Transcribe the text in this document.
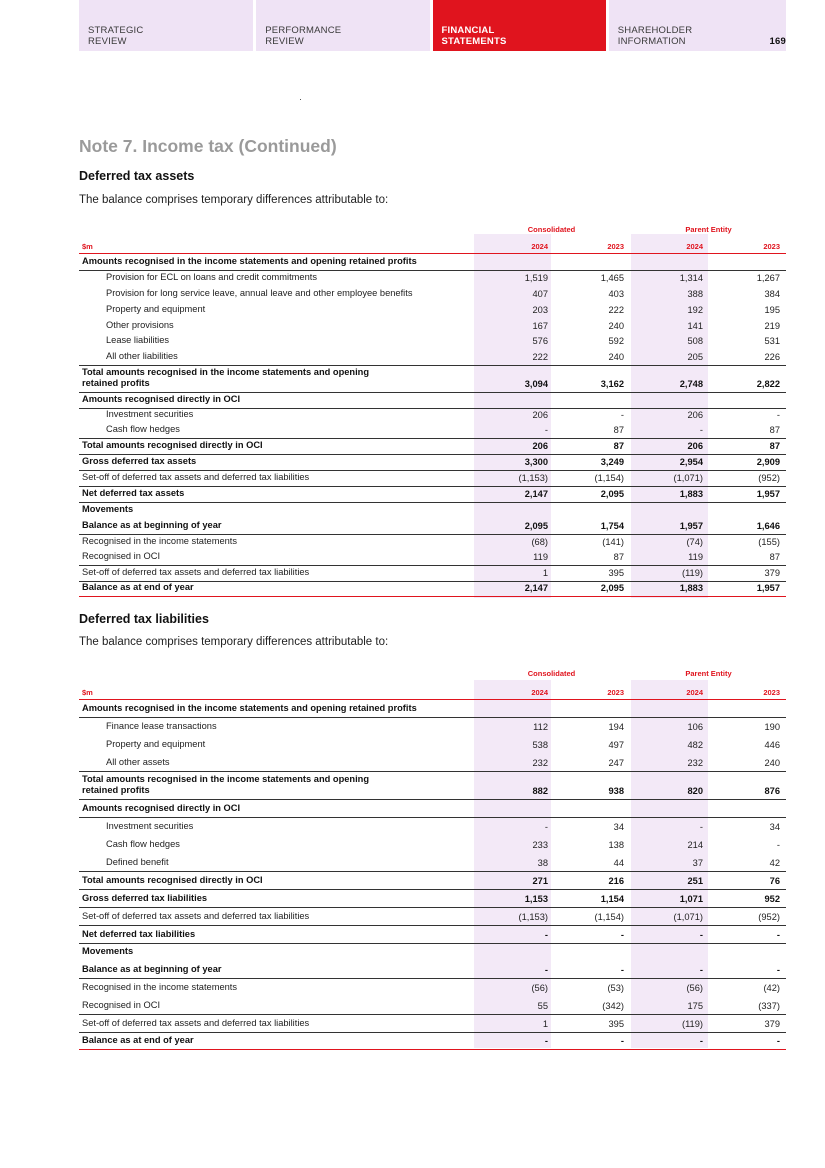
STRATEGIC
REVIEW
PERFORMANCE
REVIEW
FINANCIAL
STATEMENTS
SHAREHOLDER
INFORMATION	169
Note 7. Income tax (Continued)
Deferred tax assets
The balance comprises temporary differences attributable to:
Consolidated	Parent Entity
$m	2024	2023	2024	2023
Amounts recognised in the income statements and opening retained profits
Provision for ECL on loans and credit commitments	1,519	1,465	1,314	1,267
Provision for long service leave, annual leave and other employee benefits	407	403	388	384
Property and equipment	203	222	192	195
Other provisions	167	240	141	219
Lease liabilities	576	592	508	531
All other liabilities	222	240	205	226
Total amounts recognised in the income statements and opening
retained profits	3,094	3,162	2,748	2,822
Amounts recognised directly in OCI
Investment securities	206	-	206	-
Cash flow hedges	-	87	-	87
Total amounts recognised directly in OCI	206	87	206	87
Gross deferred tax assets	3,300	3,249	2,954	2,909
Set-off of deferred tax assets and deferred tax liabilities	(1,153)	(1,154)	(1,071)	(952)
Net deferred tax assets	2,147	2,095	1,883	1,957
Movements
Balance as at beginning of year	2,095	1,754	1,957	1,646
Recognised in the income statements	(68)	(141)	(74)	(155)
Recognised in OCI	119	87	119	87
Set-off of deferred tax assets and deferred tax liabilities	1	395	(119)	379
Balance as at end of year	2,147	2,095	1,883	1,957
Deferred tax liabilities
The balance comprises temporary differences attributable to:
Consolidated	Parent Entity
$m	2024	2023	2024	2023
Amounts recognised in the income statements and opening retained profits
Finance lease transactions	112	194	106	190
Property and equipment	538	497	482	446
All other assets	232	247	232	240
Total amounts recognised in the income statements and opening
retained profits	882	938	820	876
Amounts recognised directly in OCI
Investment securities	-	34	-	34
Cash flow hedges	233	138	214	-
Defined benefit	38	44	37	42
Total amounts recognised directly in OCI	271	216	251	76
Gross deferred tax liabilities	1,153	1,154	1,071	952
Set-off of deferred tax assets and deferred tax liabilities	(1,153)	(1,154)	(1,071)	(952)
Net deferred tax liabilities	-	-	-	-
Movements
Balance as at beginning of year	-	-	-	-
Recognised in the income statements	(56)	(53)	(56)	(42)
Recognised in OCI	55	(342)	175	(337)
Set-off of deferred tax assets and deferred tax liabilities	1	395	(119)	379
Balance as at end of year	-	-	-	-
